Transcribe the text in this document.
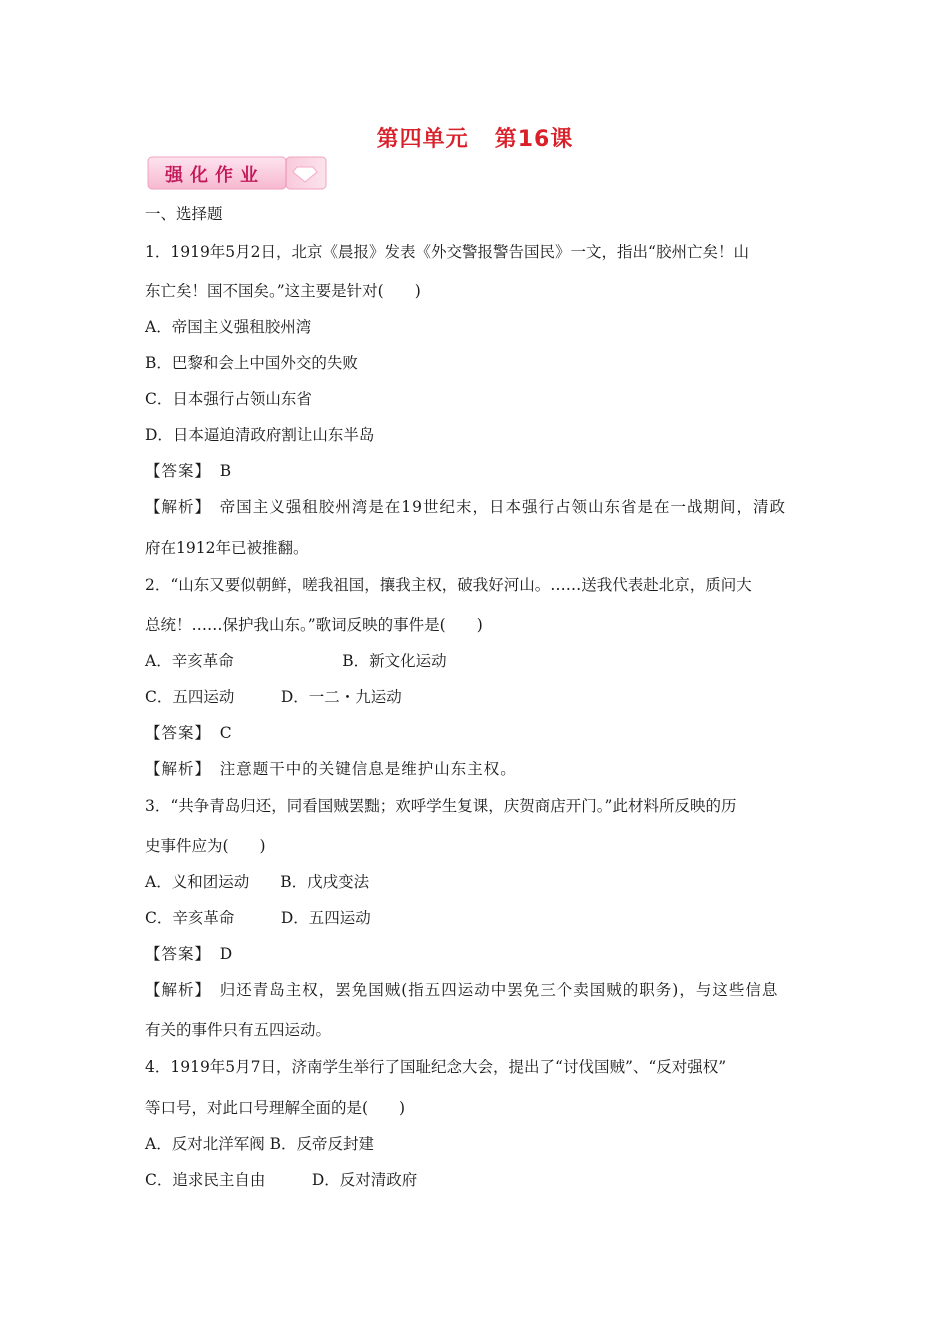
第四单元 第16课
强化作业
一、选择题
1．1919年5月2日，北京《晨报》发表《外交警报警告国民》一文，指出“胶州亡矣！山
东亡矣！国不国矣。”这主要是针对(　　)
A．帝国主义强租胶州湾
B．巴黎和会上中国外交的失败
C．日本强行占领山东省
D．日本逼迫清政府割让山东半岛
【答案】　B
【解析】　帝国主义强租胶州湾是在19世纪末，日本强行占领山东省是在一战期间，清政
府在1912年已被推翻。
2．“山东又要似朝鲜，嗟我祖国，攘我主权，破我好河山。……送我代表赴北京，质问大
总统！……保护我山东。”歌词反映的事件是(　　)
A．辛亥革命　　　　　　　B．新文化运动
C．五四运动　　　D．一二・九运动
【答案】　C
【解析】　注意题干中的关键信息是维护山东主权。
3．“共争青岛归还，同看国贼罢黜；欢呼学生复课，庆贺商店开门。”此材料所反映的历
史事件应为(　　)
A．义和团运动　　B．戊戌变法
C．辛亥革命　　　D．五四运动
【答案】　D
【解析】　归还青岛主权，罢免国贼(指五四运动中罢免三个卖国贼的职务)，与这些信息
有关的事件只有五四运动。
4．1919年5月7日，济南学生举行了国耻纪念大会，提出了“讨伐国贼”、“反对强权”
等口号，对此口号理解全面的是(　　)
A．反对北洋军阀 B．反帝反封建
C．追求民主自由　　　D．反对清政府
